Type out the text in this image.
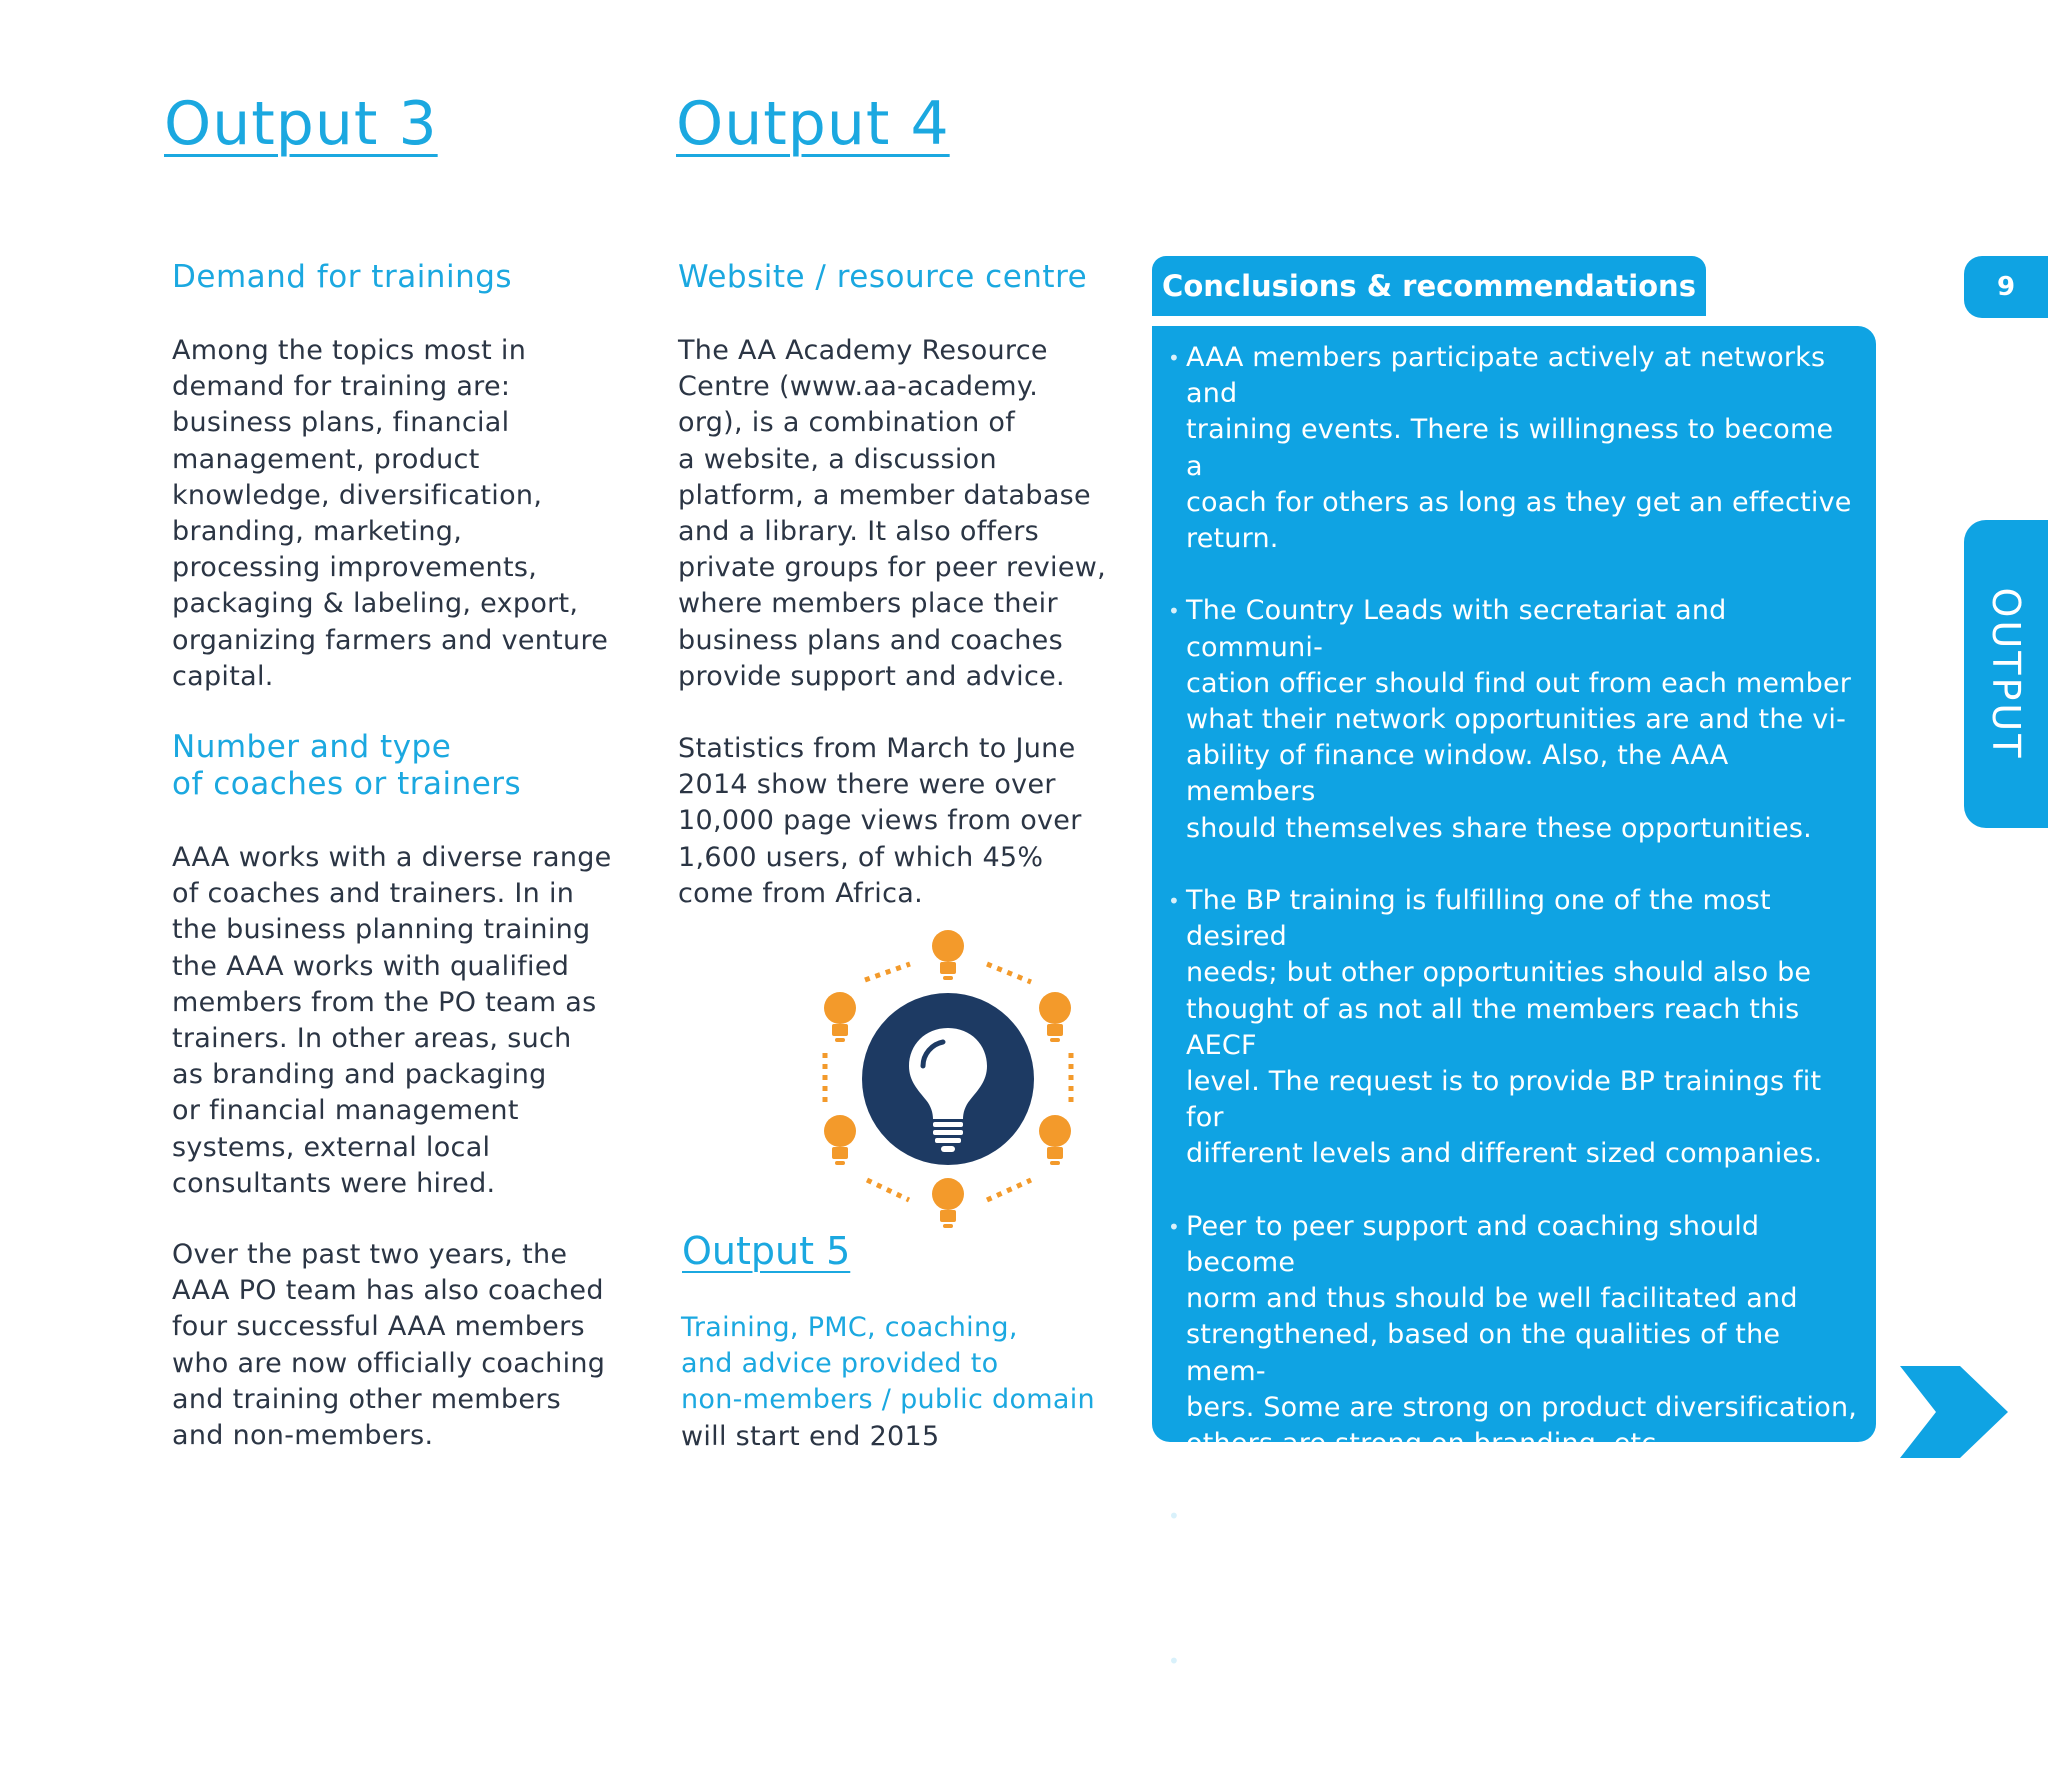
Output 3
Demand for trainings
Among the topics most in
demand for training are:
business plans, financial
management, product
knowledge, diversification,
branding, marketing,
processing improvements,
packaging & labeling, export,
organizing farmers and venture
capital.
Number and type
of coaches or trainers
AAA works with a diverse range
of coaches and trainers. In in
the business planning training
the AAA works with qualified
members from the PO team as
trainers. In other areas, such
as branding and packaging
or financial management
systems, external local
consultants were hired.
Over the past two years, the
AAA PO team has also coached
four successful AAA members
who are now officially coaching
and training other members
and non-members.
Output 4
Website / resource centre
The AA Academy Resource
Centre (www.aa-academy.
org), is a combination of
a website, a discussion
platform, a member database
and a library. It also offers
private groups for peer review,
where members place their
business plans and coaches
provide support and advice.
Statistics from March to June
2014 show there were over
10,000 page views from over
1,600 users, of which 45%
come from Africa.
Output 5
Training, PMC, coaching,
and advice provided to
non-members / public domain
will start end 2015
Conclusions & recommendations
• AAA members participate actively at networks and
training events. There is willingness to become a
coach for others as long as they get an effective
return.
• The Country Leads with secretariat and communi-
cation officer should find out from each member
what their network opportunities are and the vi-
ability of finance window. Also, the AAA members
should themselves share these opportunities.
• The BP training is fulfilling one of the most desired
needs; but other opportunities should also be
thought of as not all the members reach this AECF
level. The request is to provide BP trainings fit for
different levels and different sized companies.
• Peer to peer support and coaching should become
norm and thus should be well facilitated and
strengthened, based on the qualities of the mem-
bers. Some are strong on product diversification,
others are strong on branding, etc.
• The resource portal is not yet well used. More
interactive tools will be tailored to the members.
An AAA face book group will start soon.
• The CoP members would like much more interac-
tion, stimulated by CLs and CoP leaders.
9
OUTPUT
